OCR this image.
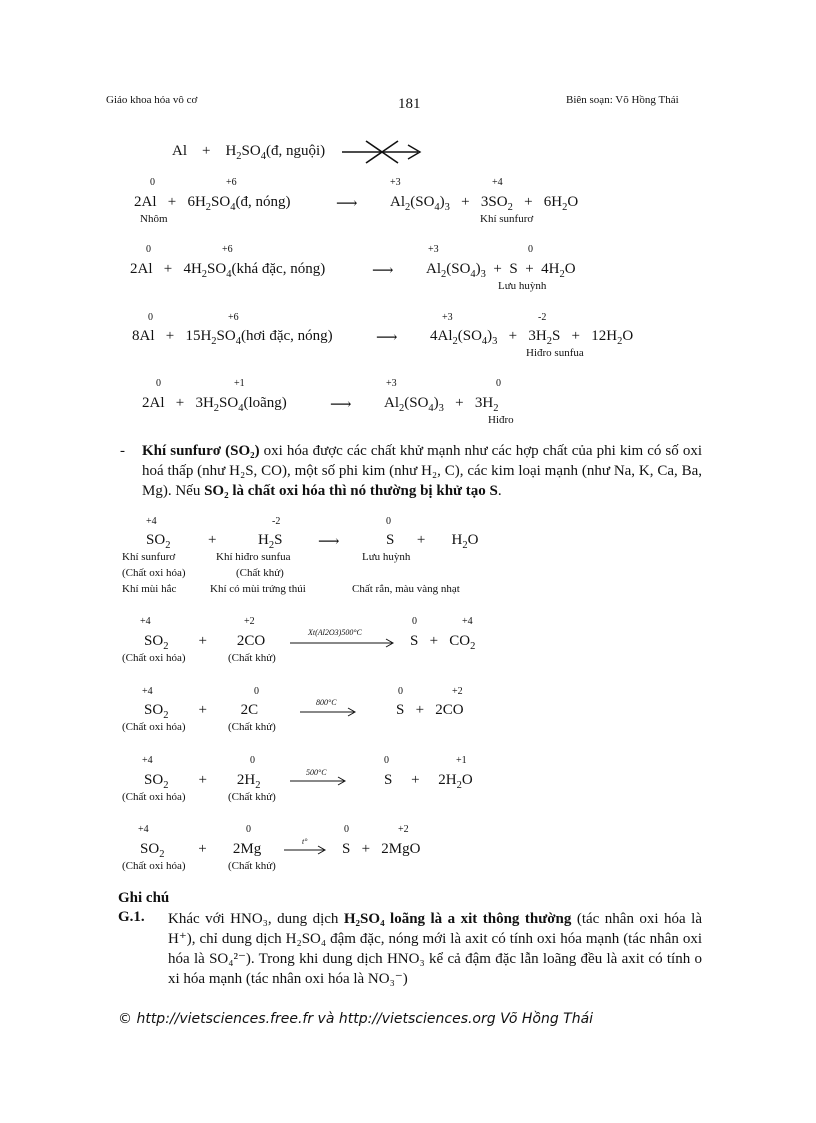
Giáo khoa hóa vô cơ	181	Biên soạn: Võ Hồng Thái
Al    +    $H_2SO_4(đ$, nguội)
0	+6	+3	+4
$2Al + 6H_2SO_4(đ$, nóng)	⟶ $Al_2(SO_4)_3 + 3SO_2 + 6H_2O$
Nhôm	Khí sunfurơ
0	+6	+3	0
$2Al + 4H_2SO_4(khá$ đặc, nóng)	⟶ $Al_2(SO_4)_3 + S + 4H_2O$
Lưu huỳnh
0	+6	+3	-2
$8Al + 15H_2SO_4(hơi$ đặc, nóng)	⟶ $4Al_2(SO_4)_3 + 3H_2S + 12H_2O$
Hiđro sunfua
0	+1	+3	0
$2Al + 3H_2SO_4(loãng)$	⟶ $Al_2(SO_4)_3 + 3H_2$
Hiđro
- Khí sunfurơ (SO₂) oxi hóa được các chất khử mạnh như các hợp chất của phi kim có số oxi hoá thấp (như H₂S, CO), một số phi kim (như H₂, C), các kim loại mạnh (như Na, K, Ca, Ba, Mg). Nếu SO₂ là chất oxi hóa thì nó thường bị khử tạo S.
+4	-2	0
$SO_2$	+	$H_2S$ ⟶	S      +       $H_2O$
Khí sunfurơ	Khí hiđro sunfua	Lưu huỳnh
(Chất oxi hóa)	(Chất khử)
Khí mùi hắc	Khí có mùi trứng thúi	Chất rắn, màu vàng nhạt
+4	+2	0	+4
$SO_2$        +        2CO
Xt(Al2O3)500°C
$S + CO_2$
(Chất oxi hóa)	(Chất khử)
+4	0	0	+2
$SO_2$        +         2C	800°C	S   +   2CO
(Chất oxi hóa)	(Chất khử)
+4	0	0	+1
$SO_2$        +        $2H_2$
500°C	S     +     $2H_2O$
(Chất oxi hóa)	(Chất khử)
+4	0	0	+2
$SO_2$         +       2Mg	t° → S   +   2MgO
(Chất oxi hóa)	(Chất khử)
Ghi chú
G.1. Khác với HNO₃, dung dịch H₂SO₄ loãng là a xit thông thường (tác nhân oxi hóa là H⁺), chỉ dung dịch H₂SO₄ đậm đặc, nóng mới là axit có tính oxi hóa mạnh (tác nhân oxi hóa là SO₄²⁻). Trong khi dung dịch HNO₃ kể cả đậm đặc lẫn loãng đều là axit có tính o xi hóa mạnh (tác nhân oxi hóa là NO₃⁻)
© http://vietsciences.free.fr và http://vietsciences.org Võ Hồng Thái
